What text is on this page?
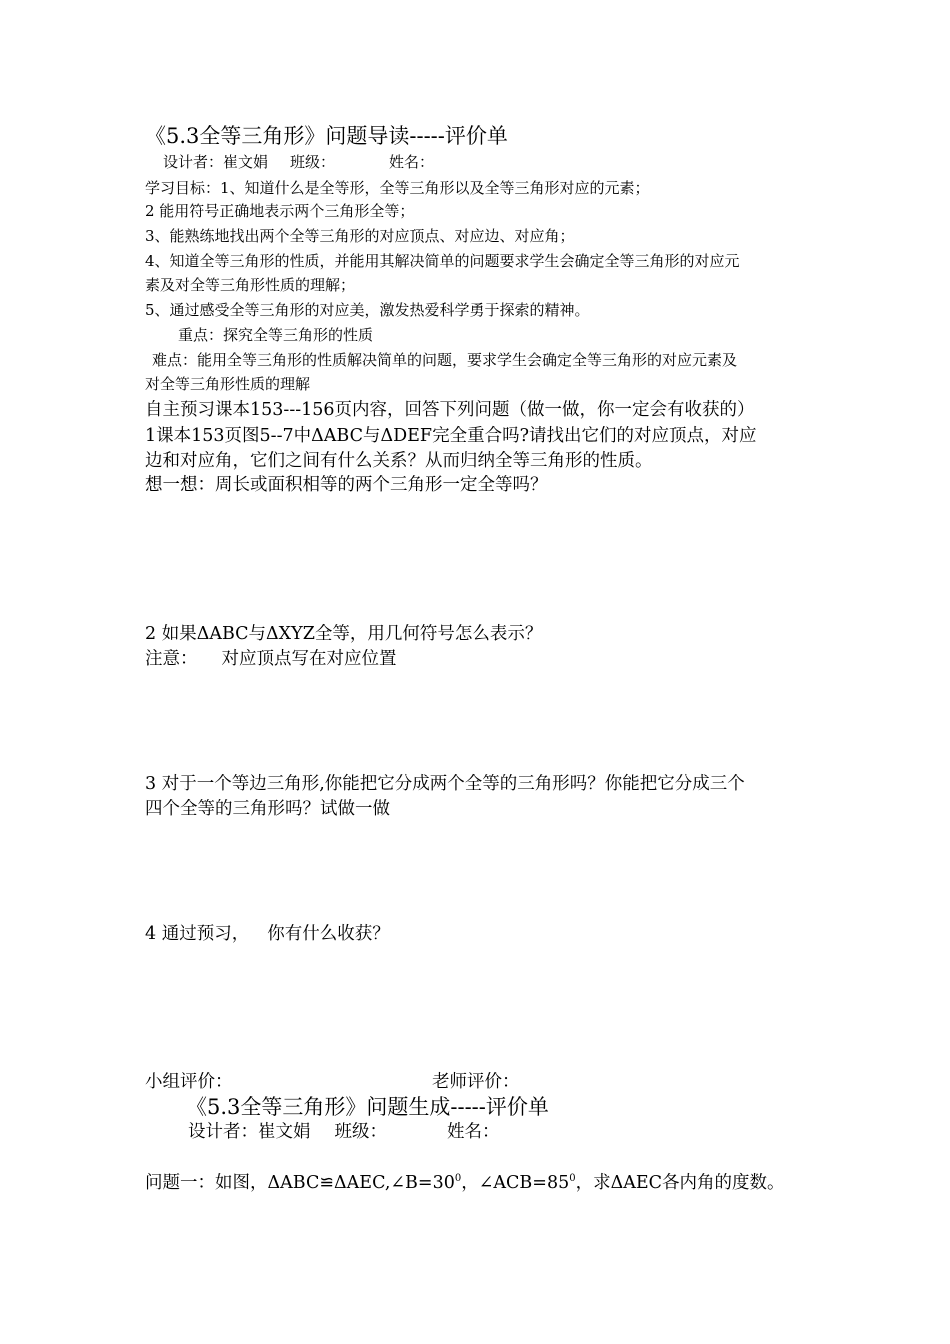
《5.3全等三角形》问题导读-----评价单
设计者：崔文娟 班级：	姓名：
学习目标：1、知道什么是全等形，全等三角形以及全等三角形对应的元素；
2 能用符号正确地表示两个三角形全等；
3、能熟练地找出两个全等三角形的对应顶点、对应边、对应角；
4、知道全等三角形的性质，并能用其解决简单的问题要求学生会确定全等三角形的对应元
素及对全等三角形性质的理解；
5、通过感受全等三角形的对应美，激发热爱科学勇于探索的精神。
重点：探究全等三角形的性质
难点：能用全等三角形的性质解决简单的问题，要求学生会确定全等三角形的对应元素及
对全等三角形性质的理解
自主预习课本153---156页内容，回答下列问题（做一做，你一定会有收获的）
1课本153页图5--7中ΔABC与ΔDEF完全重合吗?请找出它们的对应顶点，对应
边和对应角，它们之间有什么关系？从而归纳全等三角形的性质。
想一想：周长或面积相等的两个三角形一定全等吗？
2 如果ΔABC与ΔXYZ全等，用几何符号怎么表示？
注意： 对应顶点写在对应位置
3 对于一个等边三角形,你能把它分成两个全等的三角形吗？你能把它分成三个
四个全等的三角形吗？试做一做
4 通过预习， 你有什么收获？
小组评价：	老师评价：
《5.3全等三角形》问题生成-----评价单
设计者：崔文娟 班级：	姓名：
问题一：如图，$\Delta ABC≌\Delta AEC,\angle B=30^0$，$\angle ACB=85^0$，求ΔAEC各内角的度数。
